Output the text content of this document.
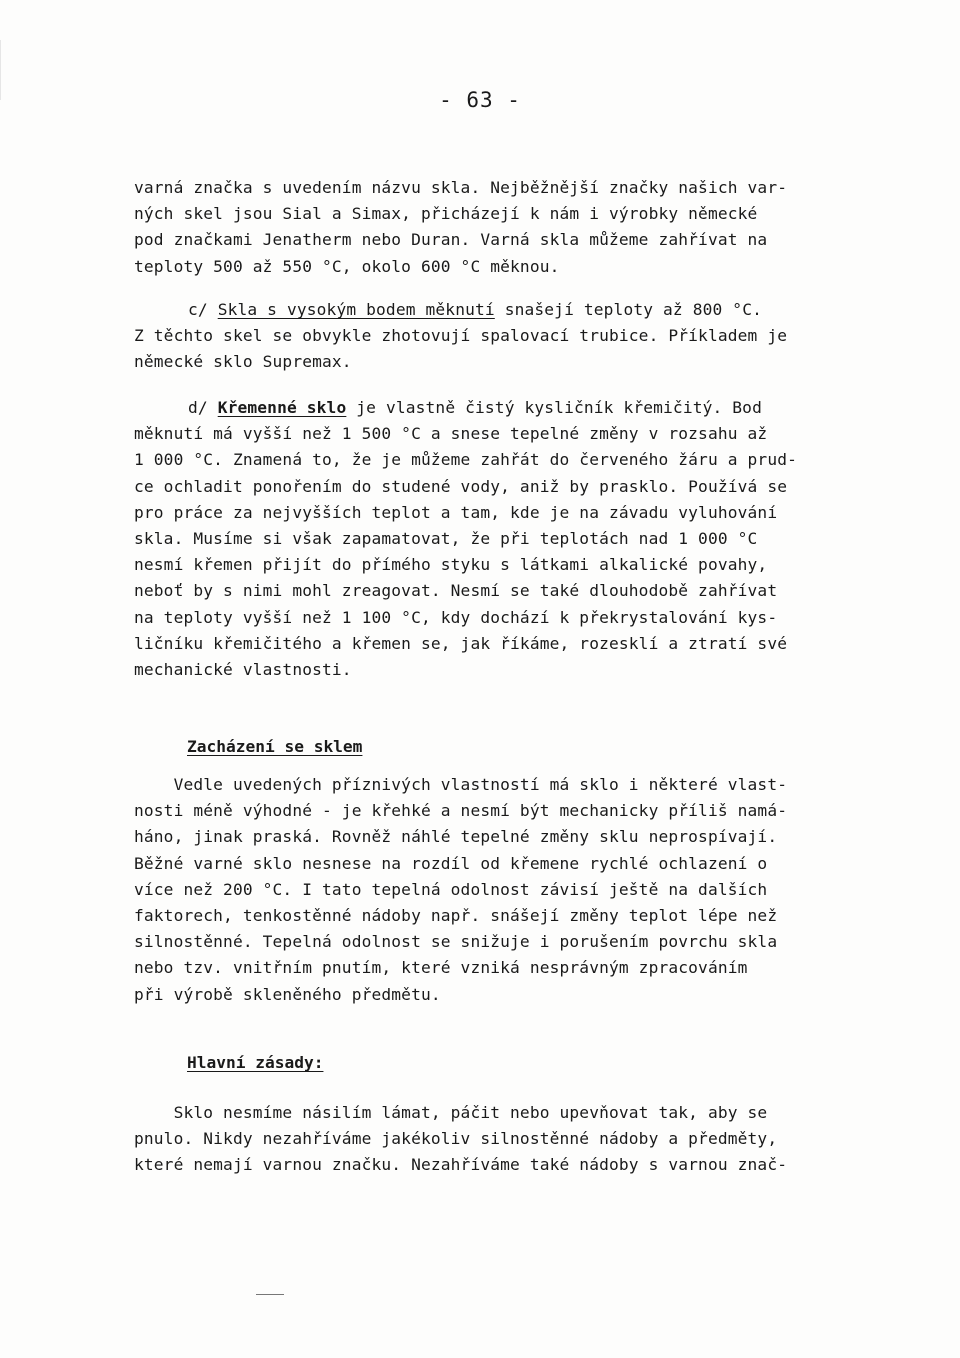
- 63 -
varná značka s uvedením názvu skla. Nejběžnější značky našich var-
ných skel jsou Sial a Simax, přicházejí k nám i výrobky německé
pod značkami Jenatherm nebo Duran. Varná skla můžeme zahřívat na
teploty 500 až 550 °C, okolo 600 °C měknou.
c/ Skla s vysokým bodem měknutí snašejí teploty až 800 °C.
Z těchto skel se obvykle zhotovují spalovací trubice. Příkladem je
německé sklo Supremax.
d/ Křemenné sklo je vlastně čistý kysličník křemičitý. Bod
měknutí má vyšší než 1 500 °C a snese tepelné změny v rozsahu až
1 000 °C. Znamená to, že je můžeme zahřát do červeného žáru a prud-
ce ochladit ponořením do studené vody, aniž by prasklo. Používá se
pro práce za nejvyšších teplot a tam, kde je na závadu vyluhování
skla. Musíme si však zapamatovat, že při teplotách nad 1 000 °C
nesmí křemen přijít do přímého styku s látkami alkalické povahy,
neboť by s nimi mohl zreagovat. Nesmí se také dlouhodobě zahřívat
na teploty vyšší než 1 100 °C, kdy dochází k překrystalování kys-
ličníku křemičitého a křemen se, jak říkáme, rozesklí a ztratí své
mechanické vlastnosti.
Zacházení se sklem
Vedle uvedených příznivých vlastností má sklo i některé vlast-
nosti méně výhodné - je křehké a nesmí být mechanicky příliš namá-
háno, jinak praská. Rovněž náhlé tepelné změny sklu neprospívají.
Běžné varné sklo nesnese na rozdíl od křemene rychlé ochlazení o
více než 200 °C. I tato tepelná odolnost závisí ještě na dalších
faktorech, tenkostěnné nádoby např. snášejí změny teplot lépe než
silnostěnné. Tepelná odolnost se snižuje i porušením povrchu skla
nebo tzv. vnitřním pnutím, které vzniká nesprávným zpracováním
při výrobě skleněného předmětu.
Hlavní zásady:
Sklo nesmíme násilím lámat, páčit nebo upevňovat tak, aby se
pnulo. Nikdy nezahříváme jakékoliv silnostěnné nádoby a předměty,
které nemají varnou značku. Nezahříváme také nádoby s varnou znač-
